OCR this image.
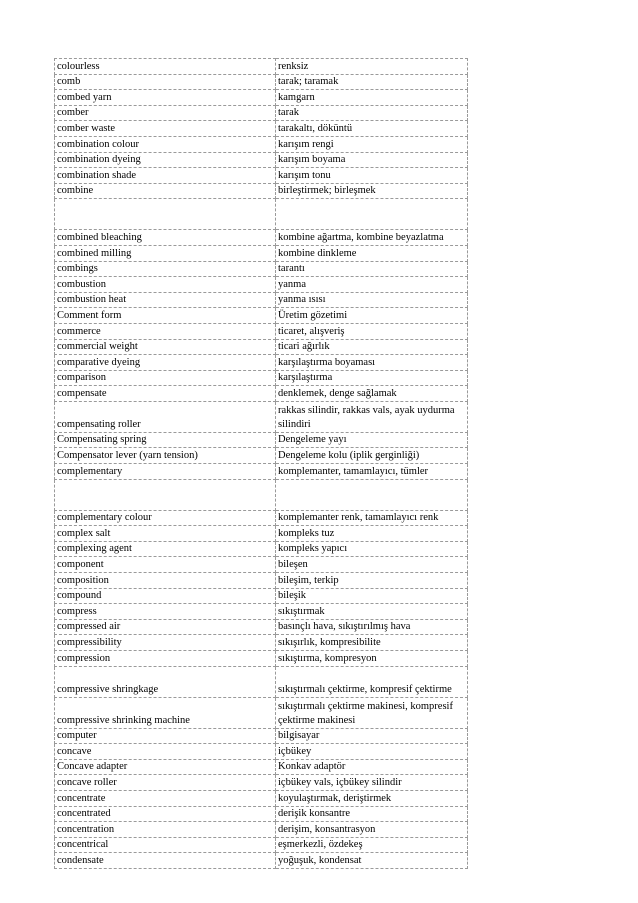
colourless	renksiz
comb	tarak; taramak
combed yarn	kamgarn
comber	tarak
comber waste	tarakaltı, döküntü
combination colour	karışım rengi
combination dyeing	karışım boyama
combination shade	karışım tonu
combine	birleştirmek; birleşmek

combined bleaching	kombine ağartma, kombine beyazlatma
combined milling	kombine dinkleme
combings	tarantı
combustion	yanma
combustion heat	yanma ısısı
Comment form	Üretim gözetimi
commerce	ticaret, alışveriş
commercial weight	ticari ağırlık
comparative dyeing	karşılaştırma boyaması
comparison	karşılaştırma
compensate	denklemek, denge sağlamak
compensating roller	rakkas silindir, rakkas vals, ayak uydurma silindiri
Compensating spring	Dengeleme yayı
Compensator lever (yarn tension)	Dengeleme kolu (iplik gerginliği)
complementary	komplemanter, tamamlayıcı, tümler

complementary colour	komplemanter renk, tamamlayıcı renk
complex salt	kompleks tuz
complexing agent	kompleks yapıcı
component	bileşen
composition	bileşim, terkip
compound	bileşik
compress	sıkıştırmak
compressed air	basınçlı hava, sıkıştırılmış hava
compressibility	sıkışırlık, kompresibilite
compression	sıkıştırma, kompresyon
compressive shringkage	sıkıştırmalı çektirme, kompresif çektirme
compressive shrinking machine	sıkıştırmalı çektirme makinesi, kompresif çektirme makinesi
computer	bilgisayar
concave	içbükey
Concave adapter	Konkav adaptör
concave roller	içbükey vals, içbükey silindir
concentrate	koyulaştırmak, deriştirmek
concentrated	derişik konsantre
concentration	derişim, konsantrasyon
concentrical	eşmerkezli, özdekeş
condensate	yoğuşuk, kondensat
